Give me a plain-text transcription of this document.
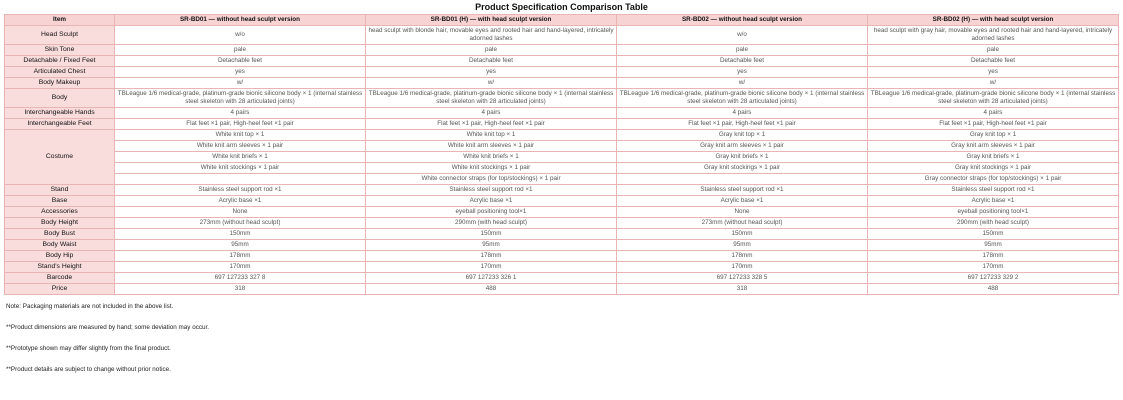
Product Specification Comparison Table
Item	SR-BD01 — without head sculpt version	SR-BD01 (H) — with head sculpt version	SR-BD02 — without head sculpt version	SR-BD02 (H) — with head sculpt version
Head Sculpt	w/o	head sculpt with blonde hair, movable eyes and rooted hair and hand-layered, intricately adorned lashes	w/o	head sculpt with gray hair, movable eyes and rooted hair and hand-layered, intricately adorned lashes
Skin Tone	pale	pale	pale	pale
Detachable / Fixed Feet	Detachable feet	Detachable feet	Detachable feet	Detachable feet
Articulated Chest	yes	yes	yes	yes
Body Makeup	w/	w/	w/	w/
Body	TBLeague 1/6 medical-grade, platinum-grade bionic silicone body × 1 (internal stainless steel skeleton with 28 articulated joints)	TBLeague 1/6 medical-grade, platinum-grade bionic silicone body × 1 (internal stainless steel skeleton with 28 articulated joints)	TBLeague 1/6 medical-grade, platinum-grade bionic silicone body × 1 (internal stainless steel skeleton with 28 articulated joints)	TBLeague 1/6 medical-grade, platinum-grade bionic silicone body × 1 (internal stainless steel skeleton with 28 articulated joints)
Interchangeable Hands	4 pairs	4 pairs	4 pairs	4 pairs
Interchangeable Feet	Flat feet ×1 pair, High-heel feet ×1 pair	Flat feet ×1 pair, High-heel feet ×1 pair	Flat feet ×1 pair, High-heel feet ×1 pair	Flat feet ×1 pair, High-heel feet ×1 pair
Costume	White knit top × 1	White knit top × 1	Gray knit top × 1	Gray knit top × 1
	White knit arm sleeves × 1 pair	White knit arm sleeves × 1 pair	Gray knit arm sleeves × 1 pair	Gray knit arm sleeves × 1 pair
	White knit briefs × 1	White knit briefs × 1	Gray knit briefs × 1	Gray knit briefs × 1
	White knit stockings × 1 pair	White knit stockings × 1 pair	Gray knit stockings × 1 pair	Gray knit stockings × 1 pair
		White connector straps (for top/stockings) × 1 pair		Gray connector straps (for top/stockings) × 1 pair
Stand	Stainless steel support rod ×1	Stainless steel support rod ×1	Stainless steel support rod ×1	Stainless steel support rod ×1
Base	Acrylic base ×1	Acrylic base ×1	Acrylic base ×1	Acrylic base ×1
Accessories	None	eyeball positioning tool×1	None	eyeball positioning tool×1
Body Height	273mm (without head sculpt)	290mm (with head sculpt)	273mm (without head sculpt)	290mm (with head sculpt)
Body Bust	150mm	150mm	150mm	150mm
Body Waist	95mm	95mm	95mm	95mm
Body Hip	178mm	178mm	178mm	178mm
Stand's Height	170mm	170mm	170mm	170mm
Barcode	697 127233 327 8	697 127233 326 1	697 127233 328 5	697 127233 329 2
Price	318	488	318	488
Note: Packaging materials are not included in the above list.
**Product dimensions are measured by hand; some deviation may occur.
**Prototype shown may differ slightly from the final product.
**Product details are subject to change without prior notice.
